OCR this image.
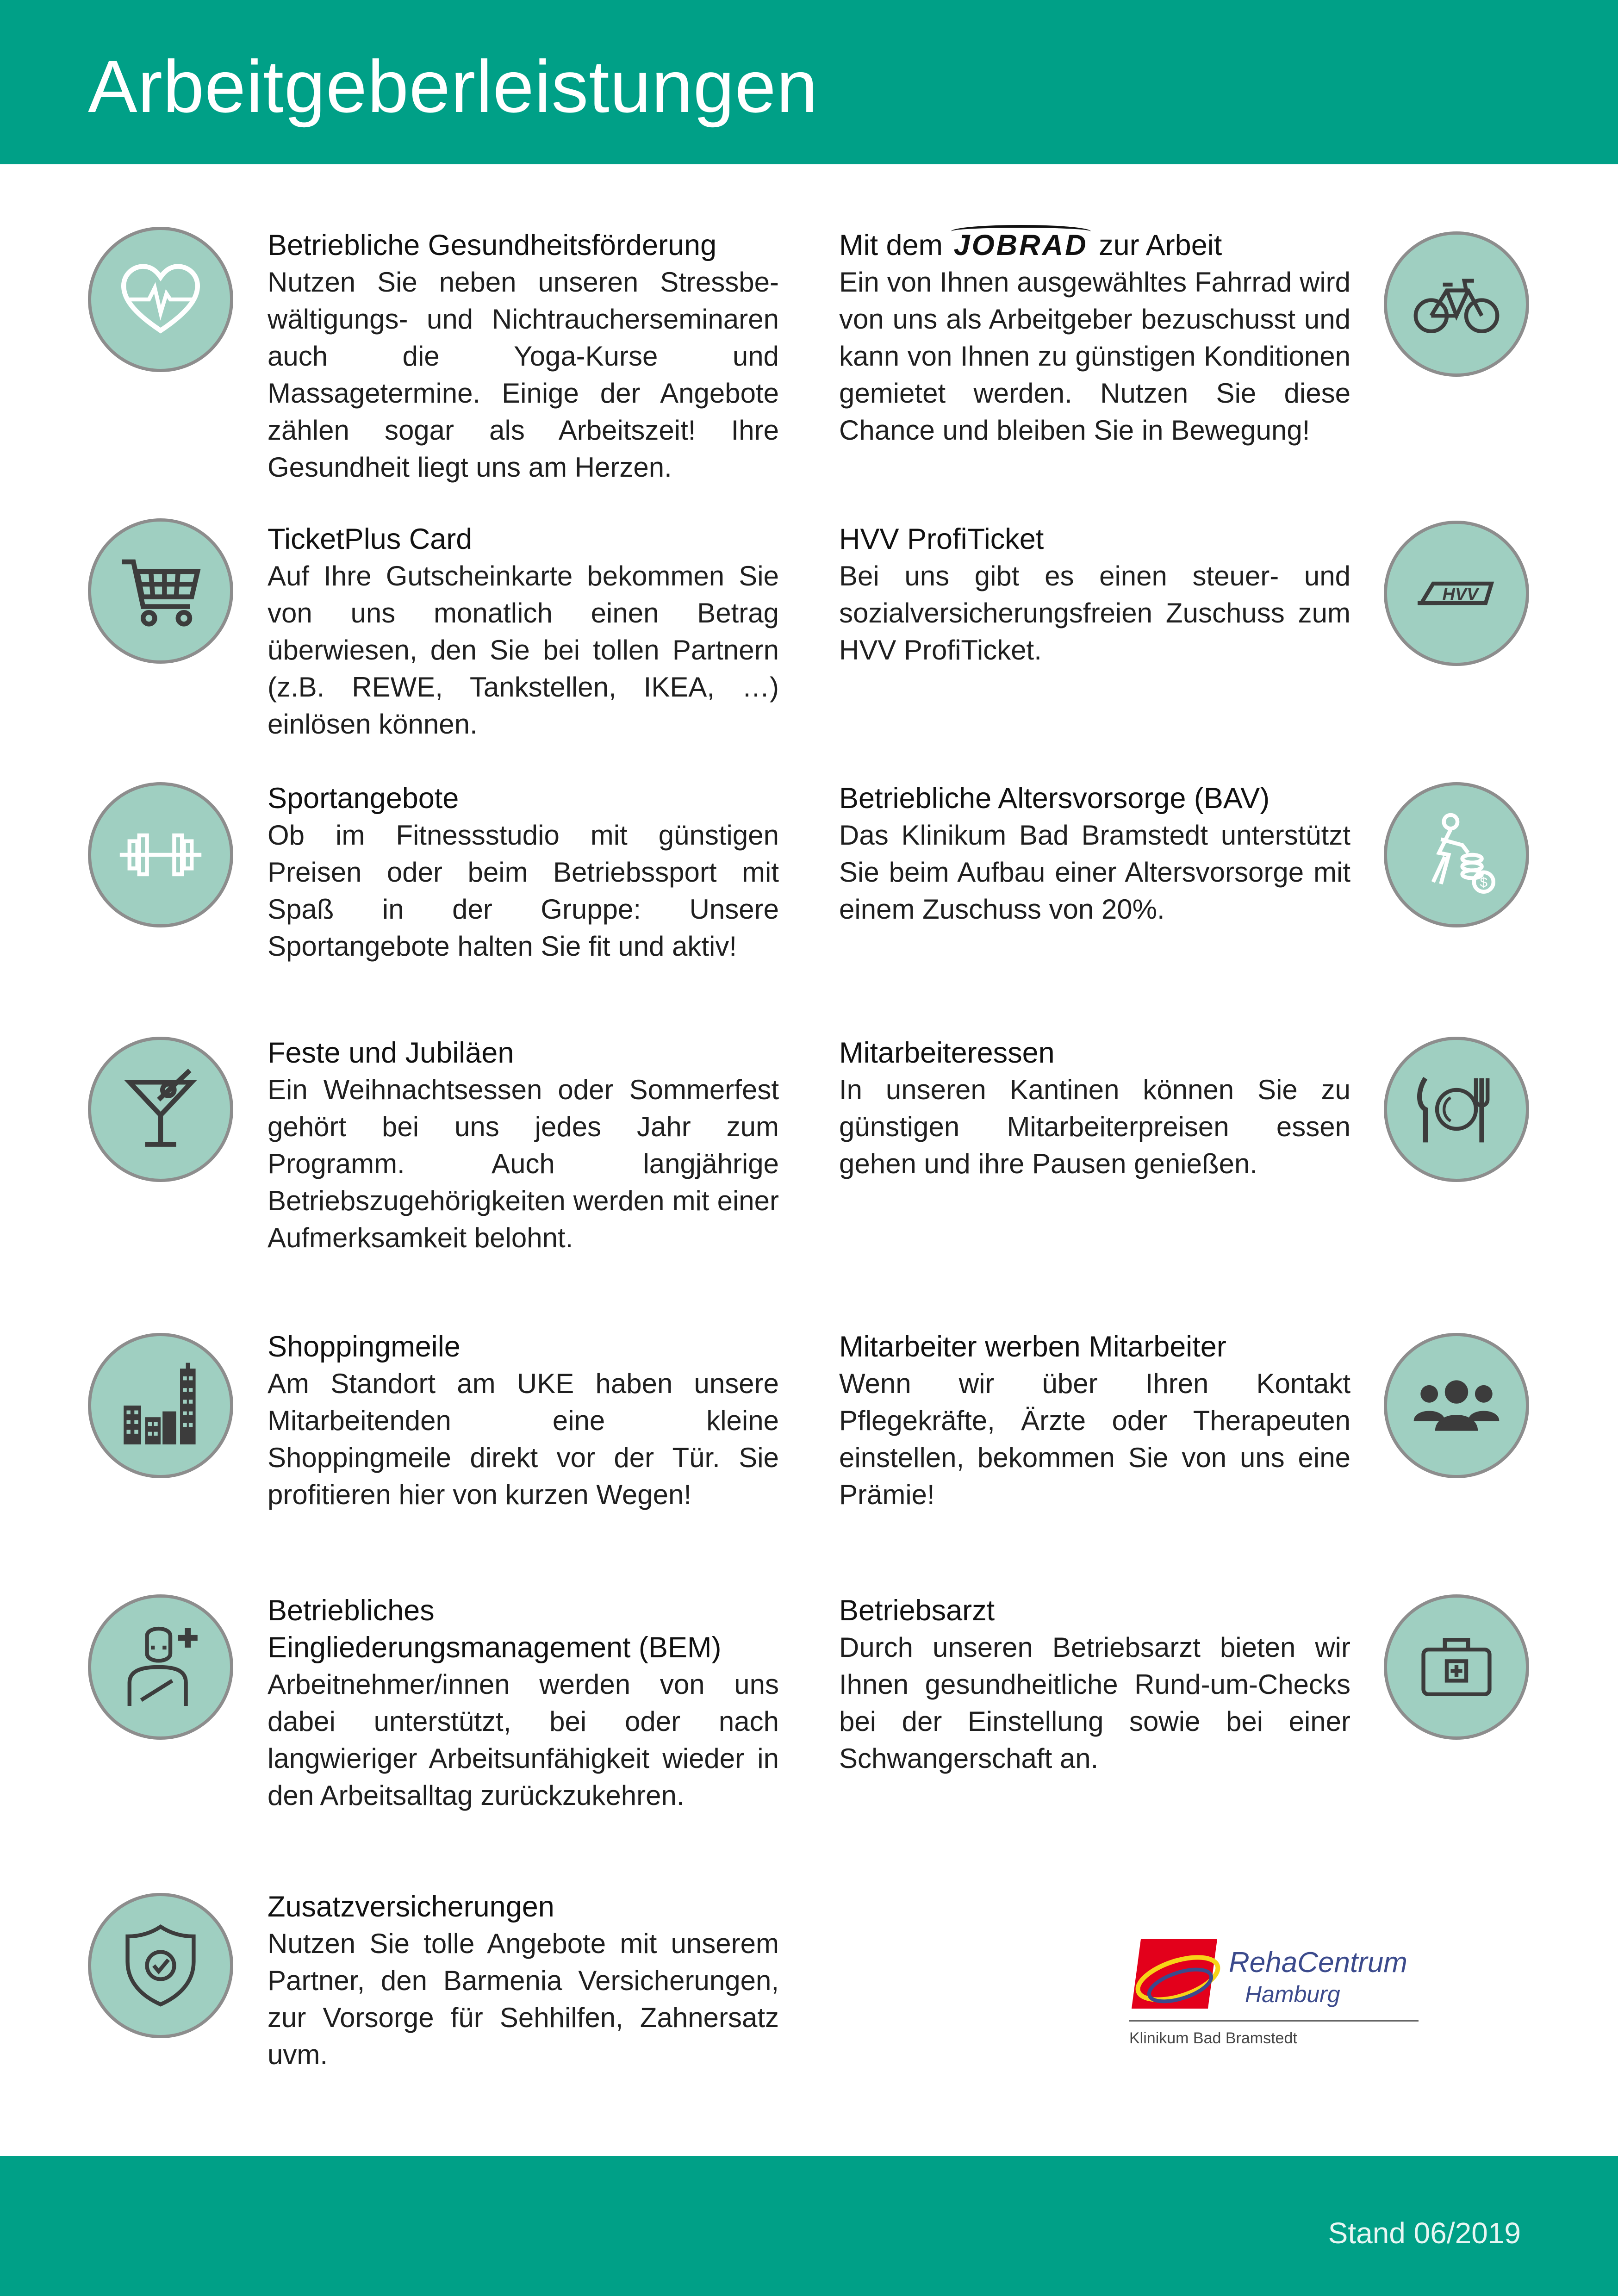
Arbeitgeberleistungen

Betriebliche Gesundheitsförderung

Nutzen Sie neben unseren Stressbewältigungs- und Nichtraucherseminaren auch die Yoga-Kurse und Massagetermine. Einige der Angebote zählen sogar als Arbeitszeit! Ihre Gesundheit liegt uns am Herzen.

TicketPlus Card

Auf Ihre Gutscheinkarte bekommen Sie von uns monatlich einen Betrag überwiesen, den Sie bei tollen Partnern (z.B. REWE, Tankstellen, IKEA, …) einlösen können.

Sportangebote

Ob im Fitnessstudio mit günstigen Preisen oder beim Betriebssport mit Spaß in der Gruppe: Unsere Sportangebote halten Sie fit und aktiv!

Feste und Jubiläen

Ein Weihnachtsessen oder Sommerfest gehört bei uns jedes Jahr zum Programm. Auch langjährige Betriebszugehörigkeiten werden mit einer Aufmerksamkeit belohnt.

Shoppingmeile

Am Standort am UKE haben unsere Mitarbeitenden eine kleine Shoppingmeile direkt vor der Tür. Sie profitieren hier von kurzen Wegen!

Betriebliches Eingliederungsmanagement (BEM)

Arbeitnehmer/innen werden von uns dabei unterstützt, bei oder nach langwieriger Arbeitsunfähigkeit wieder in den Arbeitsalltag zurückzukehren.

Zusatzversicherungen

Nutzen Sie tolle Angebote mit unserem Partner, den Barmenia Versicherungen, zur Vorsorge für Sehhilfen, Zahnersatz uvm.

Mit dem JOBRAD zur Arbeit

Ein von Ihnen ausgewähltes Fahrrad wird von uns als Arbeitgeber bezuschusst und kann von Ihnen zu günstigen Konditionen gemietet werden. Nutzen Sie diese Chance und bleiben Sie in Bewegung!

HVV ProfiTicket

Bei uns gibt es einen steuer- und sozialversicherungsfreien Zuschuss zum HVV ProfiTicket.

HVV

Betriebliche Altersvorsorge (BAV)

Das Klinikum Bad Bramstedt unterstützt Sie beim Aufbau einer Altersvorsorge mit einem Zuschuss von 20%.

$

Mitarbeiteressen

In unseren Kantinen können Sie zu günstigen Mitarbeiterpreisen essen gehen und ihre Pausen genießen.

Mitarbeiter werben Mitarbeiter

Wenn wir über Ihren Kontakt Pflegekräfte, Ärzte oder Therapeuten einstellen, bekommen Sie von uns eine Prämie!

Betriebsarzt

Durch unseren Betriebsarzt bieten wir Ihnen gesundheitliche Rund-um-Checks bei der Einstellung sowie bei einer Schwangerschaft an.

RehaCentrum
Hamburg
Klinikum Bad Bramstedt
Stand 06/2019
